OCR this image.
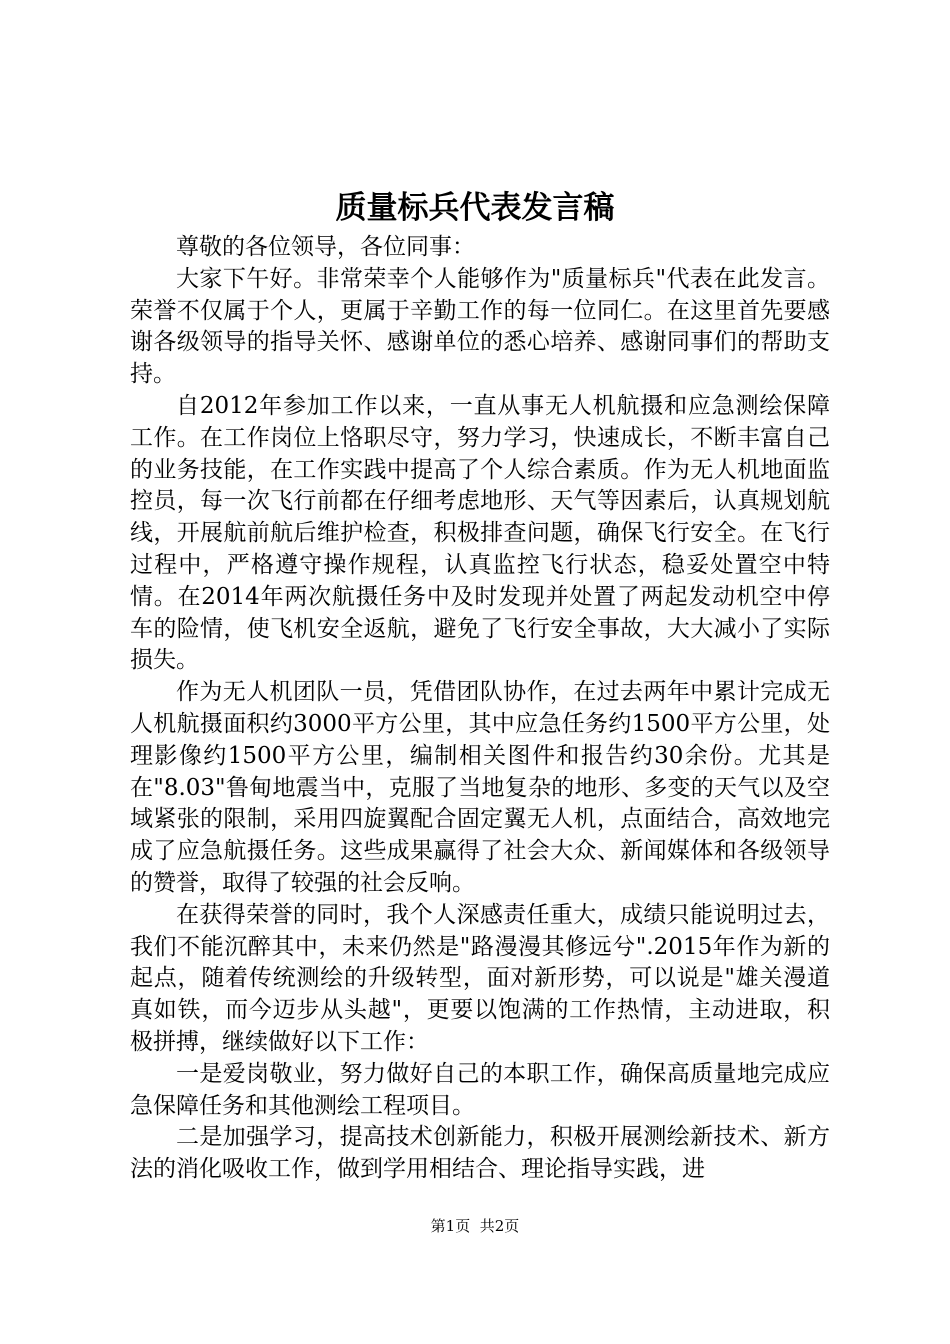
质量标兵代表发言稿

尊敬的各位领导，各位同事：

大家下午好。非常荣幸个人能够作为"质量标兵"代表在此发言。荣誉不仅属于个人，更属于辛勤工作的每一位同仁。在这里首先要感谢各级领导的指导关怀、感谢单位的悉心培养、感谢同事们的帮助支持。

自2012年参加工作以来，一直从事无人机航摄和应急测绘保障工作。在工作岗位上恪职尽守，努力学习，快速成长，不断丰富自己的业务技能，在工作实践中提高了个人综合素质。作为无人机地面监控员，每一次飞行前都在仔细考虑地形、天气等因素后，认真规划航线，开展航前航后维护检查，积极排查问题，确保飞行安全。在飞行过程中，严格遵守操作规程，认真监控飞行状态，稳妥处置空中特情。在2014年两次航摄任务中及时发现并处置了两起发动机空中停车的险情，使飞机安全返航，避免了飞行安全事故，大大减小了实际损失。

作为无人机团队一员，凭借团队协作，在过去两年中累计完成无人机航摄面积约3000平方公里，其中应急任务约1500平方公里，处理影像约1500平方公里，编制相关图件和报告约30余份。尤其是在"8.03"鲁甸地震当中，克服了当地复杂的地形、多变的天气以及空域紧张的限制，采用四旋翼配合固定翼无人机，点面结合，高效地完成了应急航摄任务。这些成果赢得了社会大众、新闻媒体和各级领导的赞誉，取得了较强的社会反响。

在获得荣誉的同时，我个人深感责任重大，成绩只能说明过去，我们不能沉醉其中，未来仍然是"路漫漫其修远兮".2015年作为新的起点，随着传统测绘的升级转型，面对新形势，可以说是"雄关漫道真如铁，而今迈步从头越"，更要以饱满的工作热情，主动进取，积极拼搏，继续做好以下工作：

一是爱岗敬业，努力做好自己的本职工作，确保高质量地完成应急保障任务和其他测绘工程项目。

二是加强学习，提高技术创新能力，积极开展测绘新技术、新方法的消化吸收工作，做到学用相结合、理论指导实践，进

第1页 共2页
